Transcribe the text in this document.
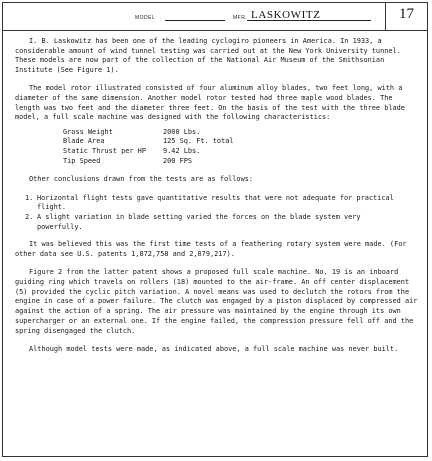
MODEL	MFR. LASKOWITZ	17

I. B. Laskowitz has been one of the leading cyclogiro pioneers in America. In 1933, a considerable amount of wind tunnel testing was carried out at the New York University tunnel. These models are now part of the collection of the National Air Museum of the Smithsonian Institute (See Figure 1).

The model rotor illustrated consisted of four aluminum alloy blades, two feet long, with a diameter of the same dimension. Another model rotor tested had three maple wood blades. The length was two feet and the diameter three feet. On the basis of the test with the three blade model, a full scale machine was designed with the following characteristics:

Gross Weight	2000 Lbs.
Blade Area	125 Sq. Ft. total
Static Thrust per HP	9.42 Lbs.
Tip Speed	200 FPS

Other conclusions drawn from the tests are as follows:

1. Horizontal flight tests gave quantitative results that were not adequate for practical flight.
2. A slight variation in blade setting varied the forces on the blade system very powerfully.

It was believed this was the first time tests of a feathering rotary system were made. (For other data see U.S. patents 1,872,758 and 2,079,217).

Figure 2 from the latter patent shows a proposed full scale machine. No. 19 is an inboard guiding ring which travels on rollers (18) mounted to the air-frame. An off center displacement (5) provided the cyclic pitch variation. A novel means was used to declutch the rotors from the engine in case of a power failure. The clutch was engaged by a piston displaced by compressed air against the action of a spring. The air pressure was maintained by the engine through its own supercharger or an external one. If the engine failed, the compression pressure fell off and the spring disengaged the clutch.

Although model tests were made, as indicated above, a full scale machine was never built.
